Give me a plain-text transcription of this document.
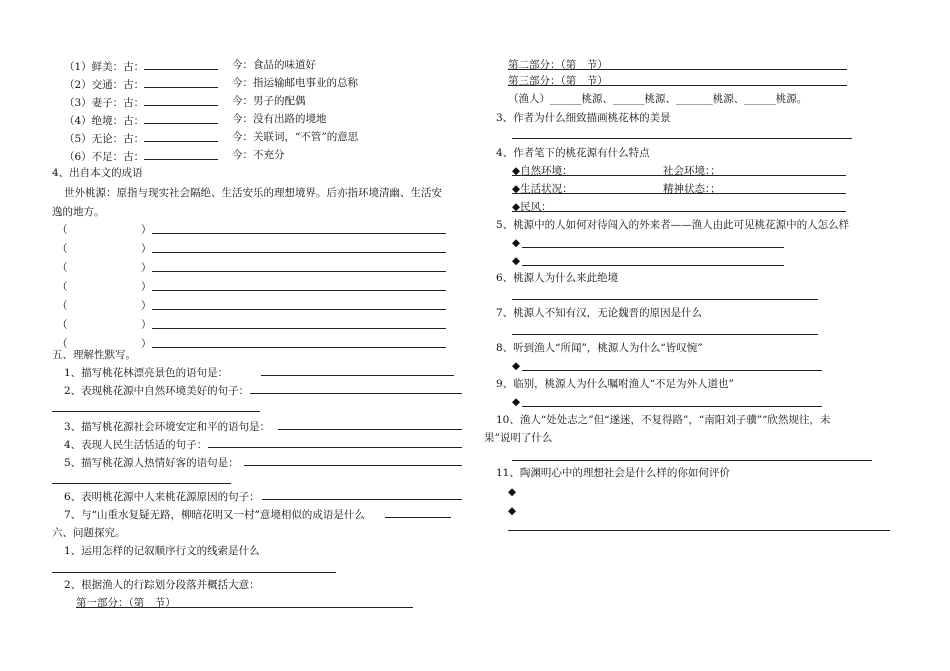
（1）鲜美：古：	今：食品的味道好
（2）交通：古：	今：指运输邮电事业的总称
（3）妻子：古：	今：男子的配偶
（4）绝境：古：	今：没有出路的境地
（5）无论：古：	今：关联词，“不管”的意思
（6）不足：古：	今：不充分
4、出自本文的成语
世外桃源：原指与现实社会隔绝、生活安乐的理想境界。后亦指环境清幽、生活安
逸的地方。
（	）
（	）
（	）
（	）
（	）
（	）
（	）
五、理解性默写。
1、描写桃花林漂亮景色的语句是：
2、表现桃花源中自然环境美好的句子：
3、描写桃花源社会环境安定和平的语句是：
4、表现人民生活恬适的句子：
5、描写桃花源人热情好客的语句是：
6、表明桃花源中人来桃花源原因的句子：
7、与“山重水复疑无路，柳暗花明又一村”意境相似的成语是什么
六、问题探究。
1、运用怎样的记叙顺序行文的线索是什么
2、根据渔人的行踪划分段落并概括大意：
第一部分：（第　节）
第二部分：（第　节）
第三部分：（第　节）
（渔人）______桃源、______桃源、_______桃源、______桃源。
3、作者为什么细致描画桃花林的美景
4、作者笔下的桃花源有什么特点
◆自然环境：	社会环境：；
◆生活状况：	精神状态：；
◆民风：
5、桃源中的人如何对待闯入的外来者——渔人由此可见桃花源中的人怎么样
◆
◆
6、桃源人为什么来此绝境
7、桃源人不知有汉，无论魏晋的原因是什么
8、听到渔人“所闻”，桃源人为什么“皆叹惋”
◆
9、临别，桃源人为什么嘱咐渔人“不足为外人道也”
◆
10、渔人“处处志之”但“遂迷，不复得路”，“南阳刘子骥”“欣然规往，未
果”说明了什么
11、陶渊明心中的理想社会是什么样的你如何评价
◆
◆
